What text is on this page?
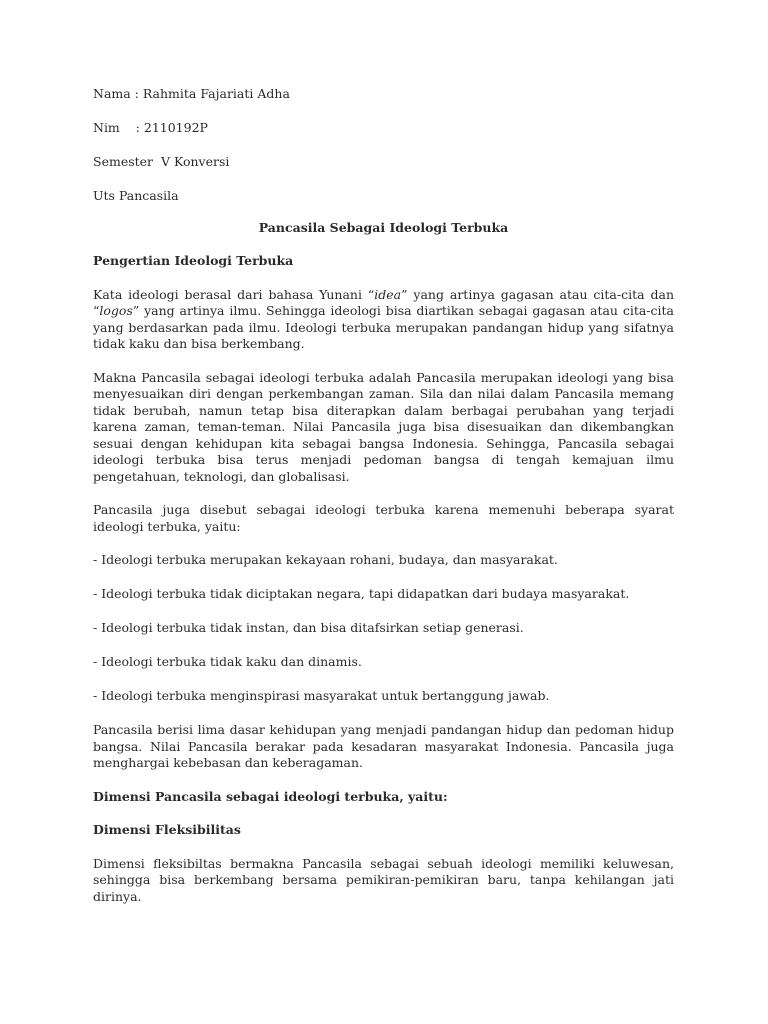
Nama : Rahmita Fajariati Adha
Nim    : 2110192P
Semester  V Konversi
Uts Pancasila
Pancasila Sebagai Ideologi Terbuka
Pengertian Ideologi Terbuka

Kata ideologi berasal dari bahasa Yunani “idea” yang artinya gagasan atau cita-cita dan “logos” yang artinya ilmu. Sehingga ideologi bisa diartikan sebagai gagasan atau cita-cita yang berdasarkan pada ilmu. Ideologi terbuka merupakan pandangan hidup yang sifatnya tidak kaku dan bisa berkembang.

Makna Pancasila sebagai ideologi terbuka adalah Pancasila merupakan ideologi yang bisa menyesuaikan diri dengan perkembangan zaman. Sila dan nilai dalam Pancasila memang tidak berubah, namun tetap bisa diterapkan dalam berbagai perubahan yang terjadi karena zaman, teman-teman. Nilai Pancasila juga bisa disesuaikan dan dikembangkan sesuai dengan kehidupan kita sebagai bangsa Indonesia. Sehingga, Pancasila sebagai ideologi terbuka bisa terus menjadi pedoman bangsa di tengah kemajuan ilmu pengetahuan, teknologi, dan globalisasi.

Pancasila juga disebut sebagai ideologi terbuka karena memenuhi beberapa syarat ideologi terbuka, yaitu:

- Ideologi terbuka merupakan kekayaan rohani, budaya, dan masyarakat.
- Ideologi terbuka tidak diciptakan negara, tapi didapatkan dari budaya masyarakat.
- Ideologi terbuka tidak instan, dan bisa ditafsirkan setiap generasi.
- Ideologi terbuka tidak kaku dan dinamis.
- Ideologi terbuka menginspirasi masyarakat untuk bertanggung jawab.

Pancasila berisi lima dasar kehidupan yang menjadi pandangan hidup dan pedoman hidup bangsa. Nilai Pancasila berakar pada kesadaran masyarakat Indonesia. Pancasila juga menghargai kebebasan dan keberagaman.

Dimensi Pancasila sebagai ideologi terbuka, yaitu:
Dimensi Fleksibilitas

Dimensi fleksibiltas bermakna Pancasila sebagai sebuah ideologi memiliki keluwesan, sehingga bisa berkembang bersama pemikiran-pemikiran baru, tanpa kehilangan jati dirinya.
